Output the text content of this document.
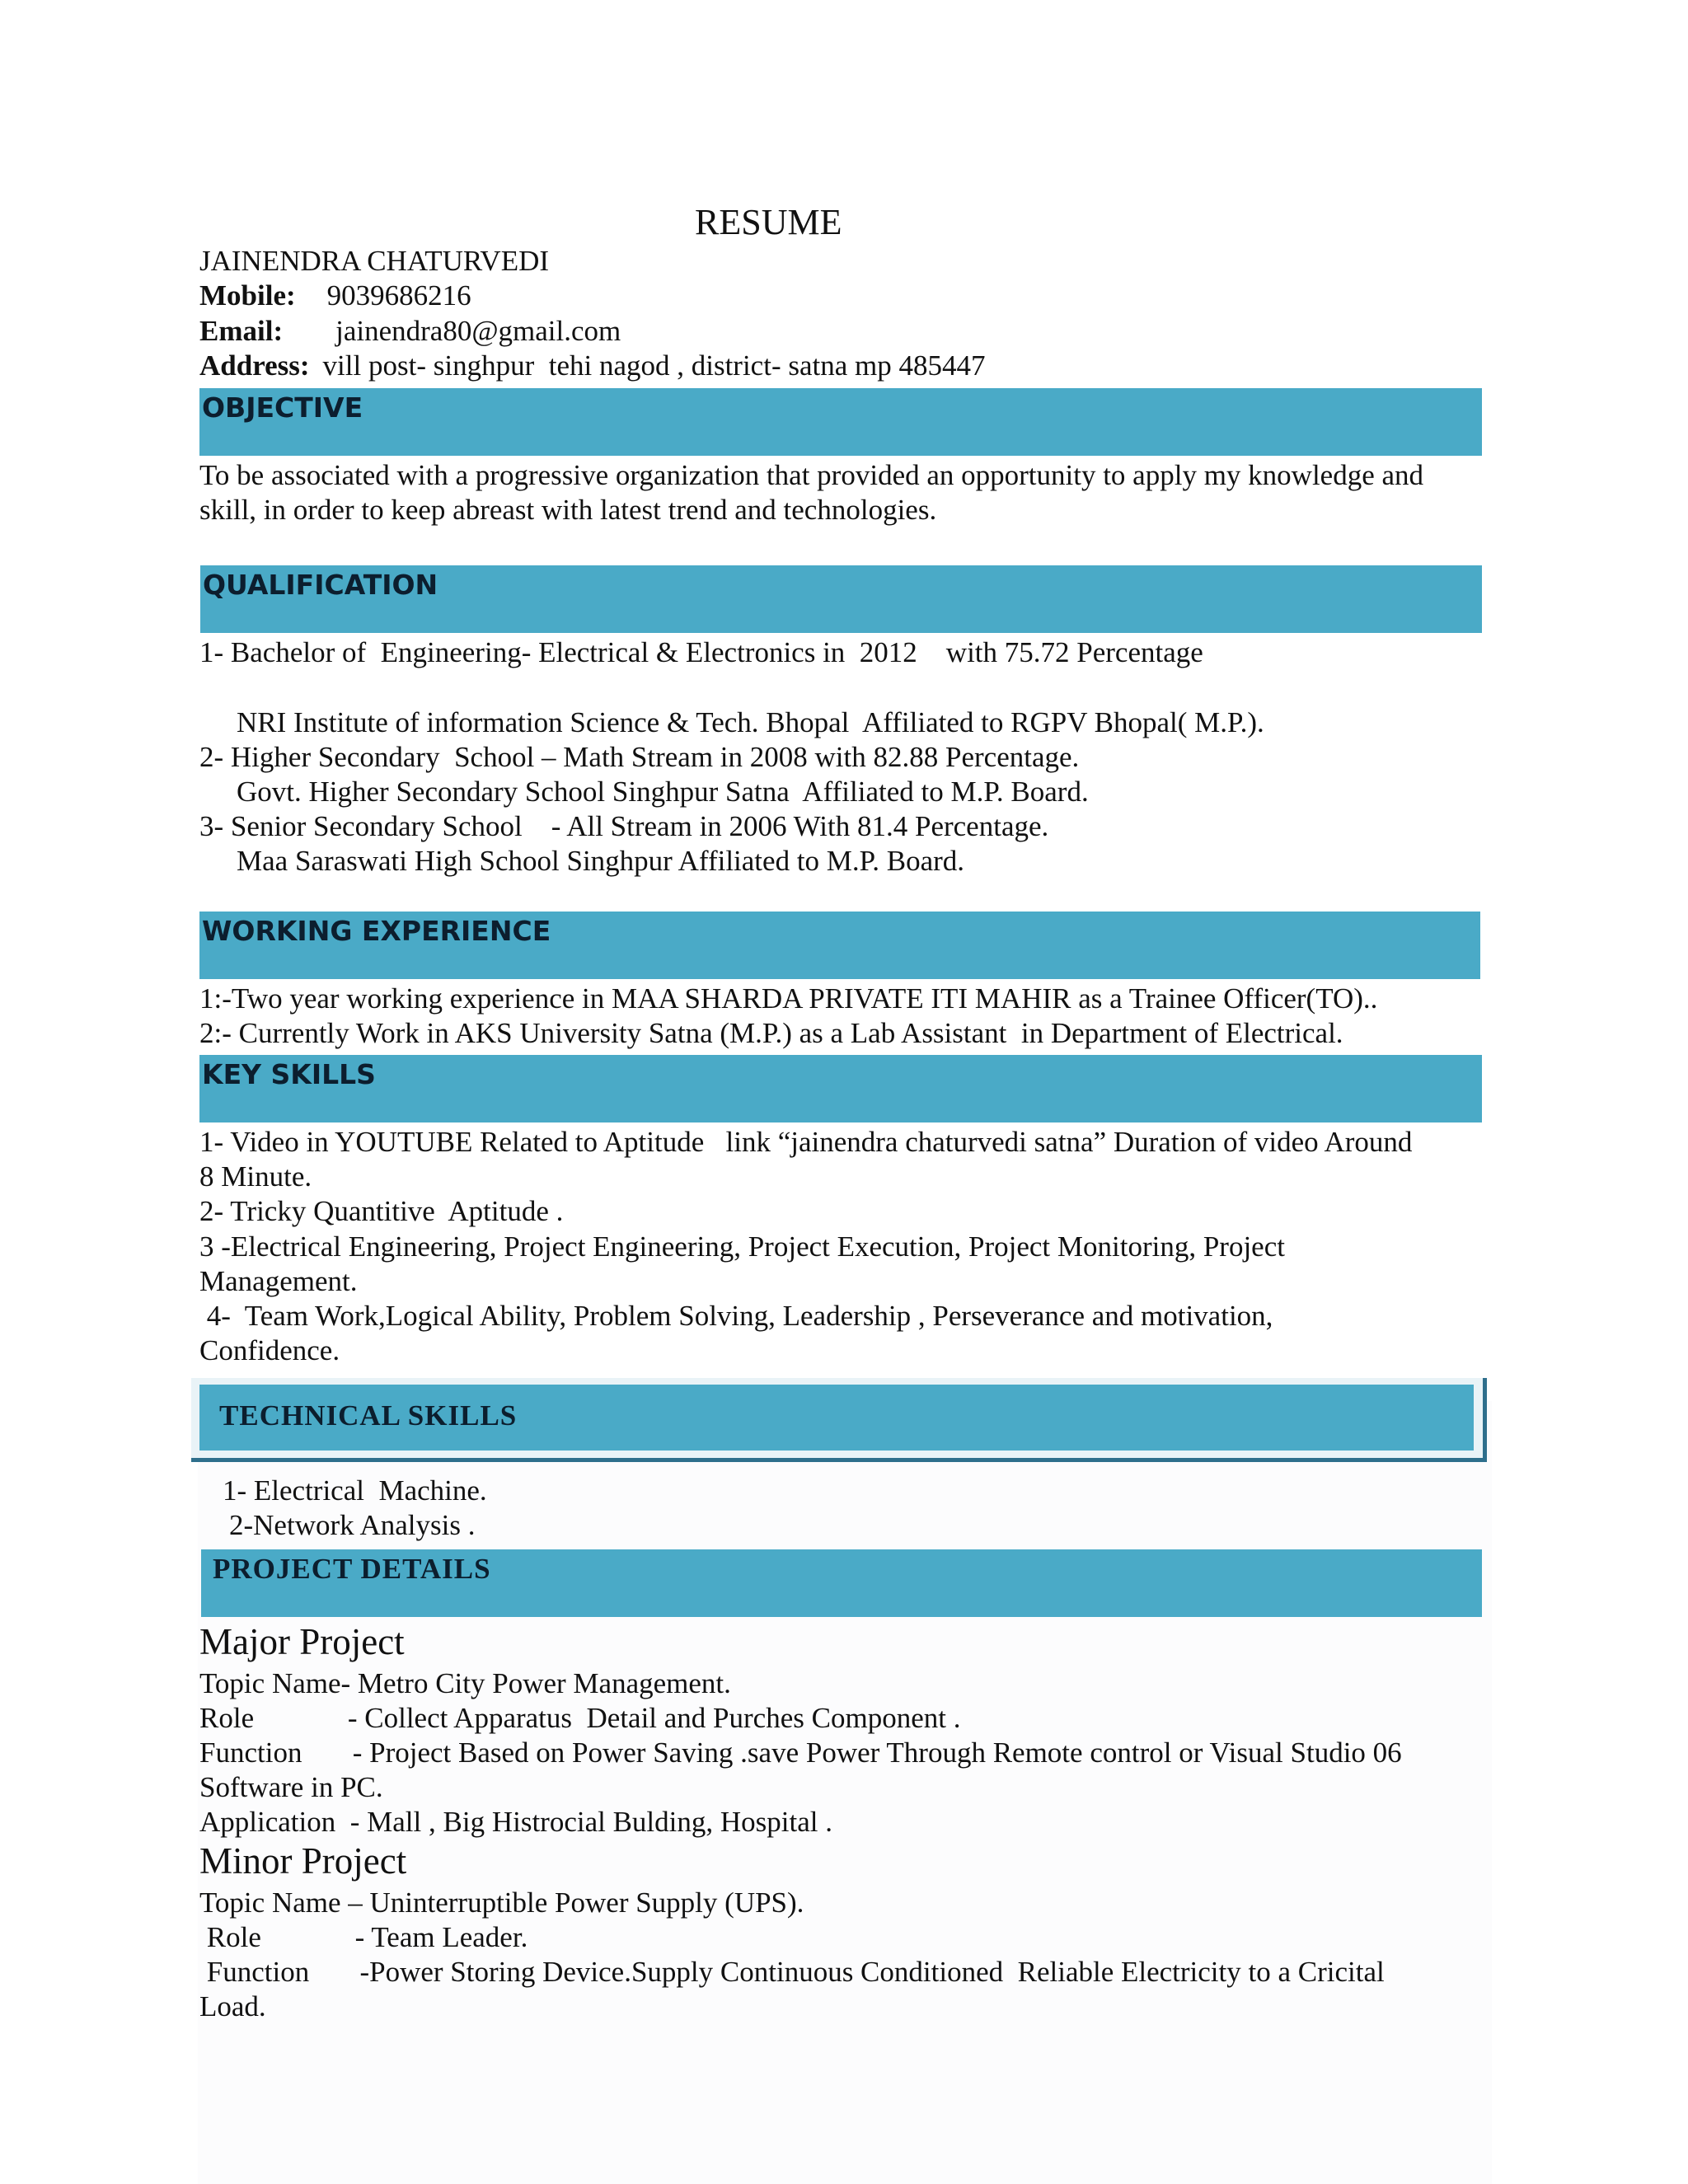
RESUME
JAINENDRA CHATURVEDI
Mobile: 9039686216
Email: jainendra80@gmail.com
Address: vill post- singhpur  tehi nagod , district- satna mp 485447
OBJECTIVE
To be associated with a progressive organization that provided an opportunity to apply my knowledge and
skill, in order to keep abreast with latest trend and technologies.
QUALIFICATION
1- Bachelor of  Engineering- Electrical & Electronics in  2012    with 75.72 Percentage
NRI Institute of information Science & Tech. Bhopal  Affiliated to RGPV Bhopal( M.P.).
2- Higher Secondary  School – Math Stream in 2008 with 82.88 Percentage.
Govt. Higher Secondary School Singhpur Satna  Affiliated to M.P. Board.
3- Senior Secondary School    - All Stream in 2006 With 81.4 Percentage.
Maa Saraswati High School Singhpur Affiliated to M.P. Board.
WORKING EXPERIENCE
1:-Two year working experience in MAA SHARDA PRIVATE ITI MAHIR as a Trainee Officer(TO)..
2:- Currently Work in AKS University Satna (M.P.) as a Lab Assistant  in Department of Electrical.
KEY SKILLS
1- Video in YOUTUBE Related to Aptitude   link “jainendra chaturvedi satna” Duration of video Around
8 Minute.
2- Tricky Quantitive  Aptitude .
3 -Electrical Engineering, Project Engineering, Project Execution, Project Monitoring, Project
Management.
4-  Team Work,Logical Ability, Problem Solving, Leadership , Perseverance and motivation,
Confidence.
TECHNICAL SKILLS
1- Electrical  Machine.
2-Network Analysis .
PROJECT DETAILS
Major Project
Topic Name- Metro City Power Management.
Role             - Collect Apparatus  Detail and Purches Component .
Function       - Project Based on Power Saving .save Power Through Remote control or Visual Studio 06
Software in PC.
Application  - Mall , Big Histrocial Bulding, Hospital .
Minor Project
Topic Name – Uninterruptible Power Supply (UPS).
Role             - Team Leader.
Function       -Power Storing Device.Supply Continuous Conditioned  Reliable Electricity to a Cricital
Load.
